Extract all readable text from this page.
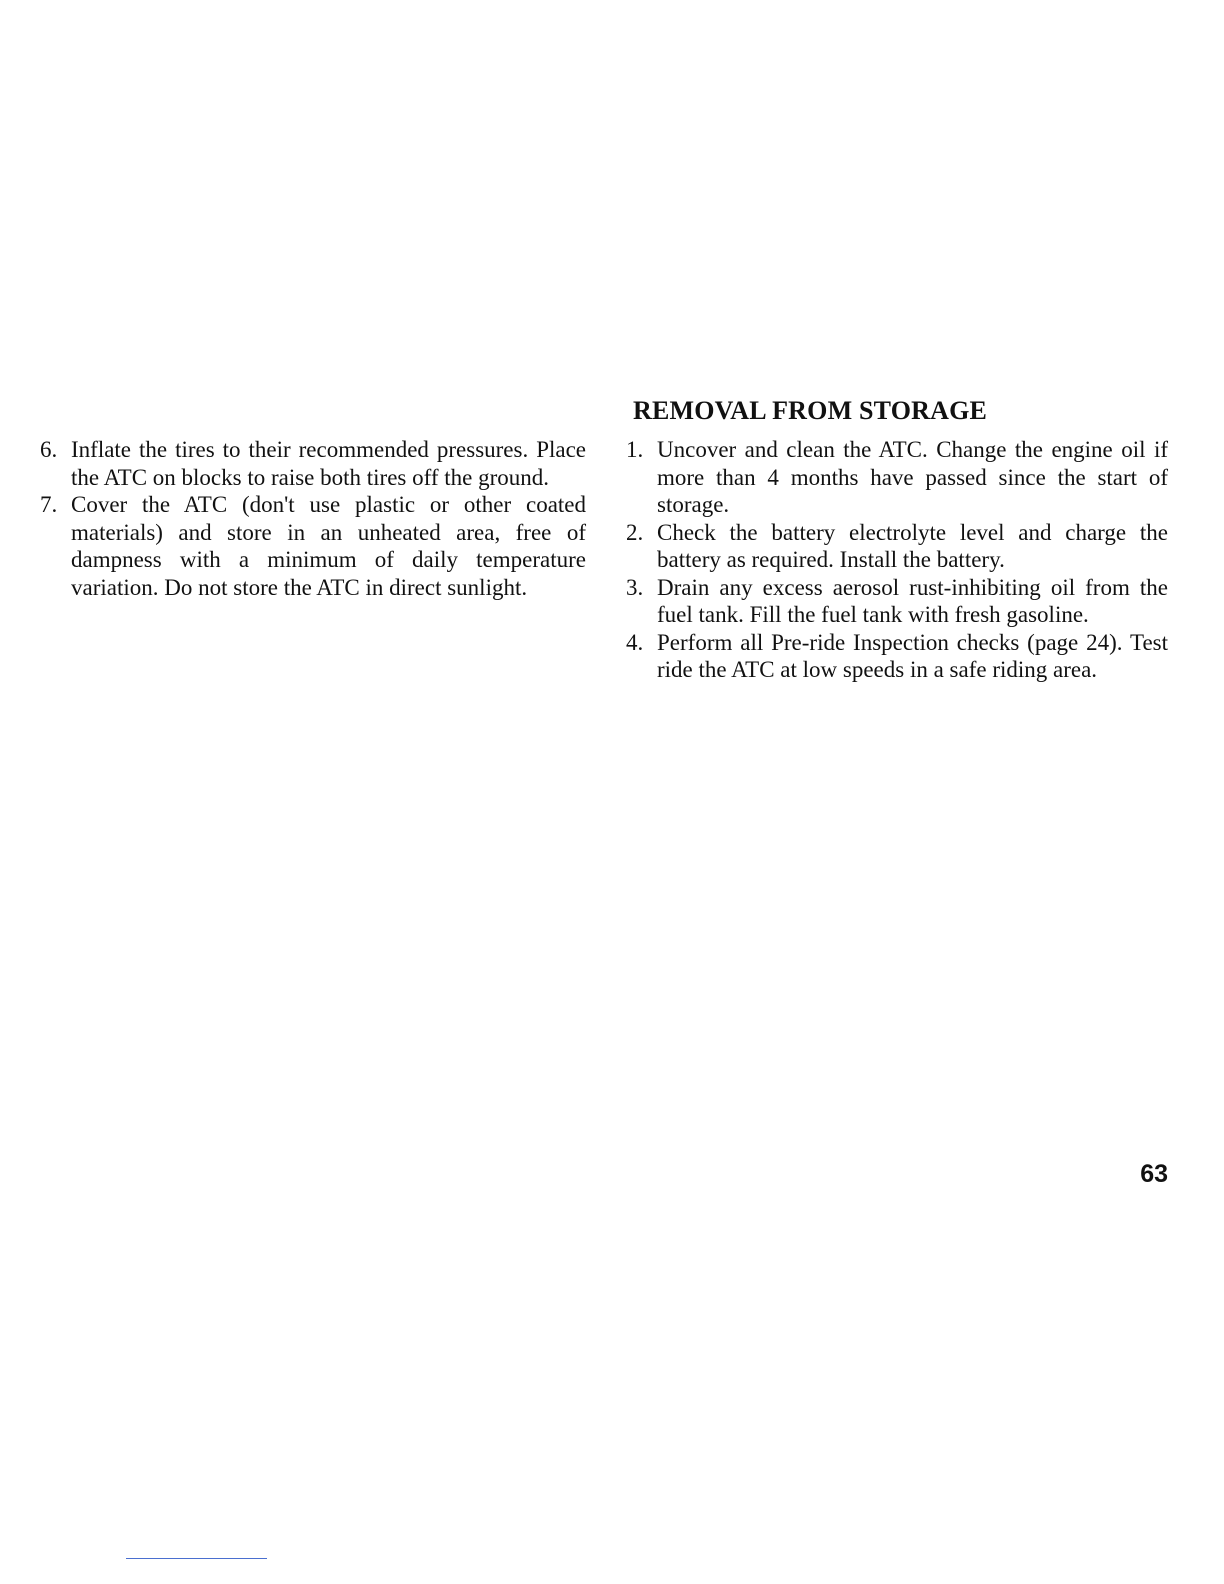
6. Inflate the tires to their recommended pressures. Place the ATC on blocks to raise both tires off the ground.
7. Cover the ATC (don't use plastic or other coated materials) and store in an unheated area, free of dampness with a minimum of daily temperature variation. Do not store the ATC in direct sunlight.
REMOVAL FROM STORAGE
1. Uncover and clean the ATC. Change the engine oil if more than 4 months have passed since the start of storage.
2. Check the battery electrolyte level and charge the battery as required. Install the battery.
3. Drain any excess aerosol rust-inhibiting oil from the fuel tank. Fill the fuel tank with fresh gasoline.
4. Perform all Pre-ride Inspection checks (page 24). Test ride the ATC at low speeds in a safe riding area.
63
